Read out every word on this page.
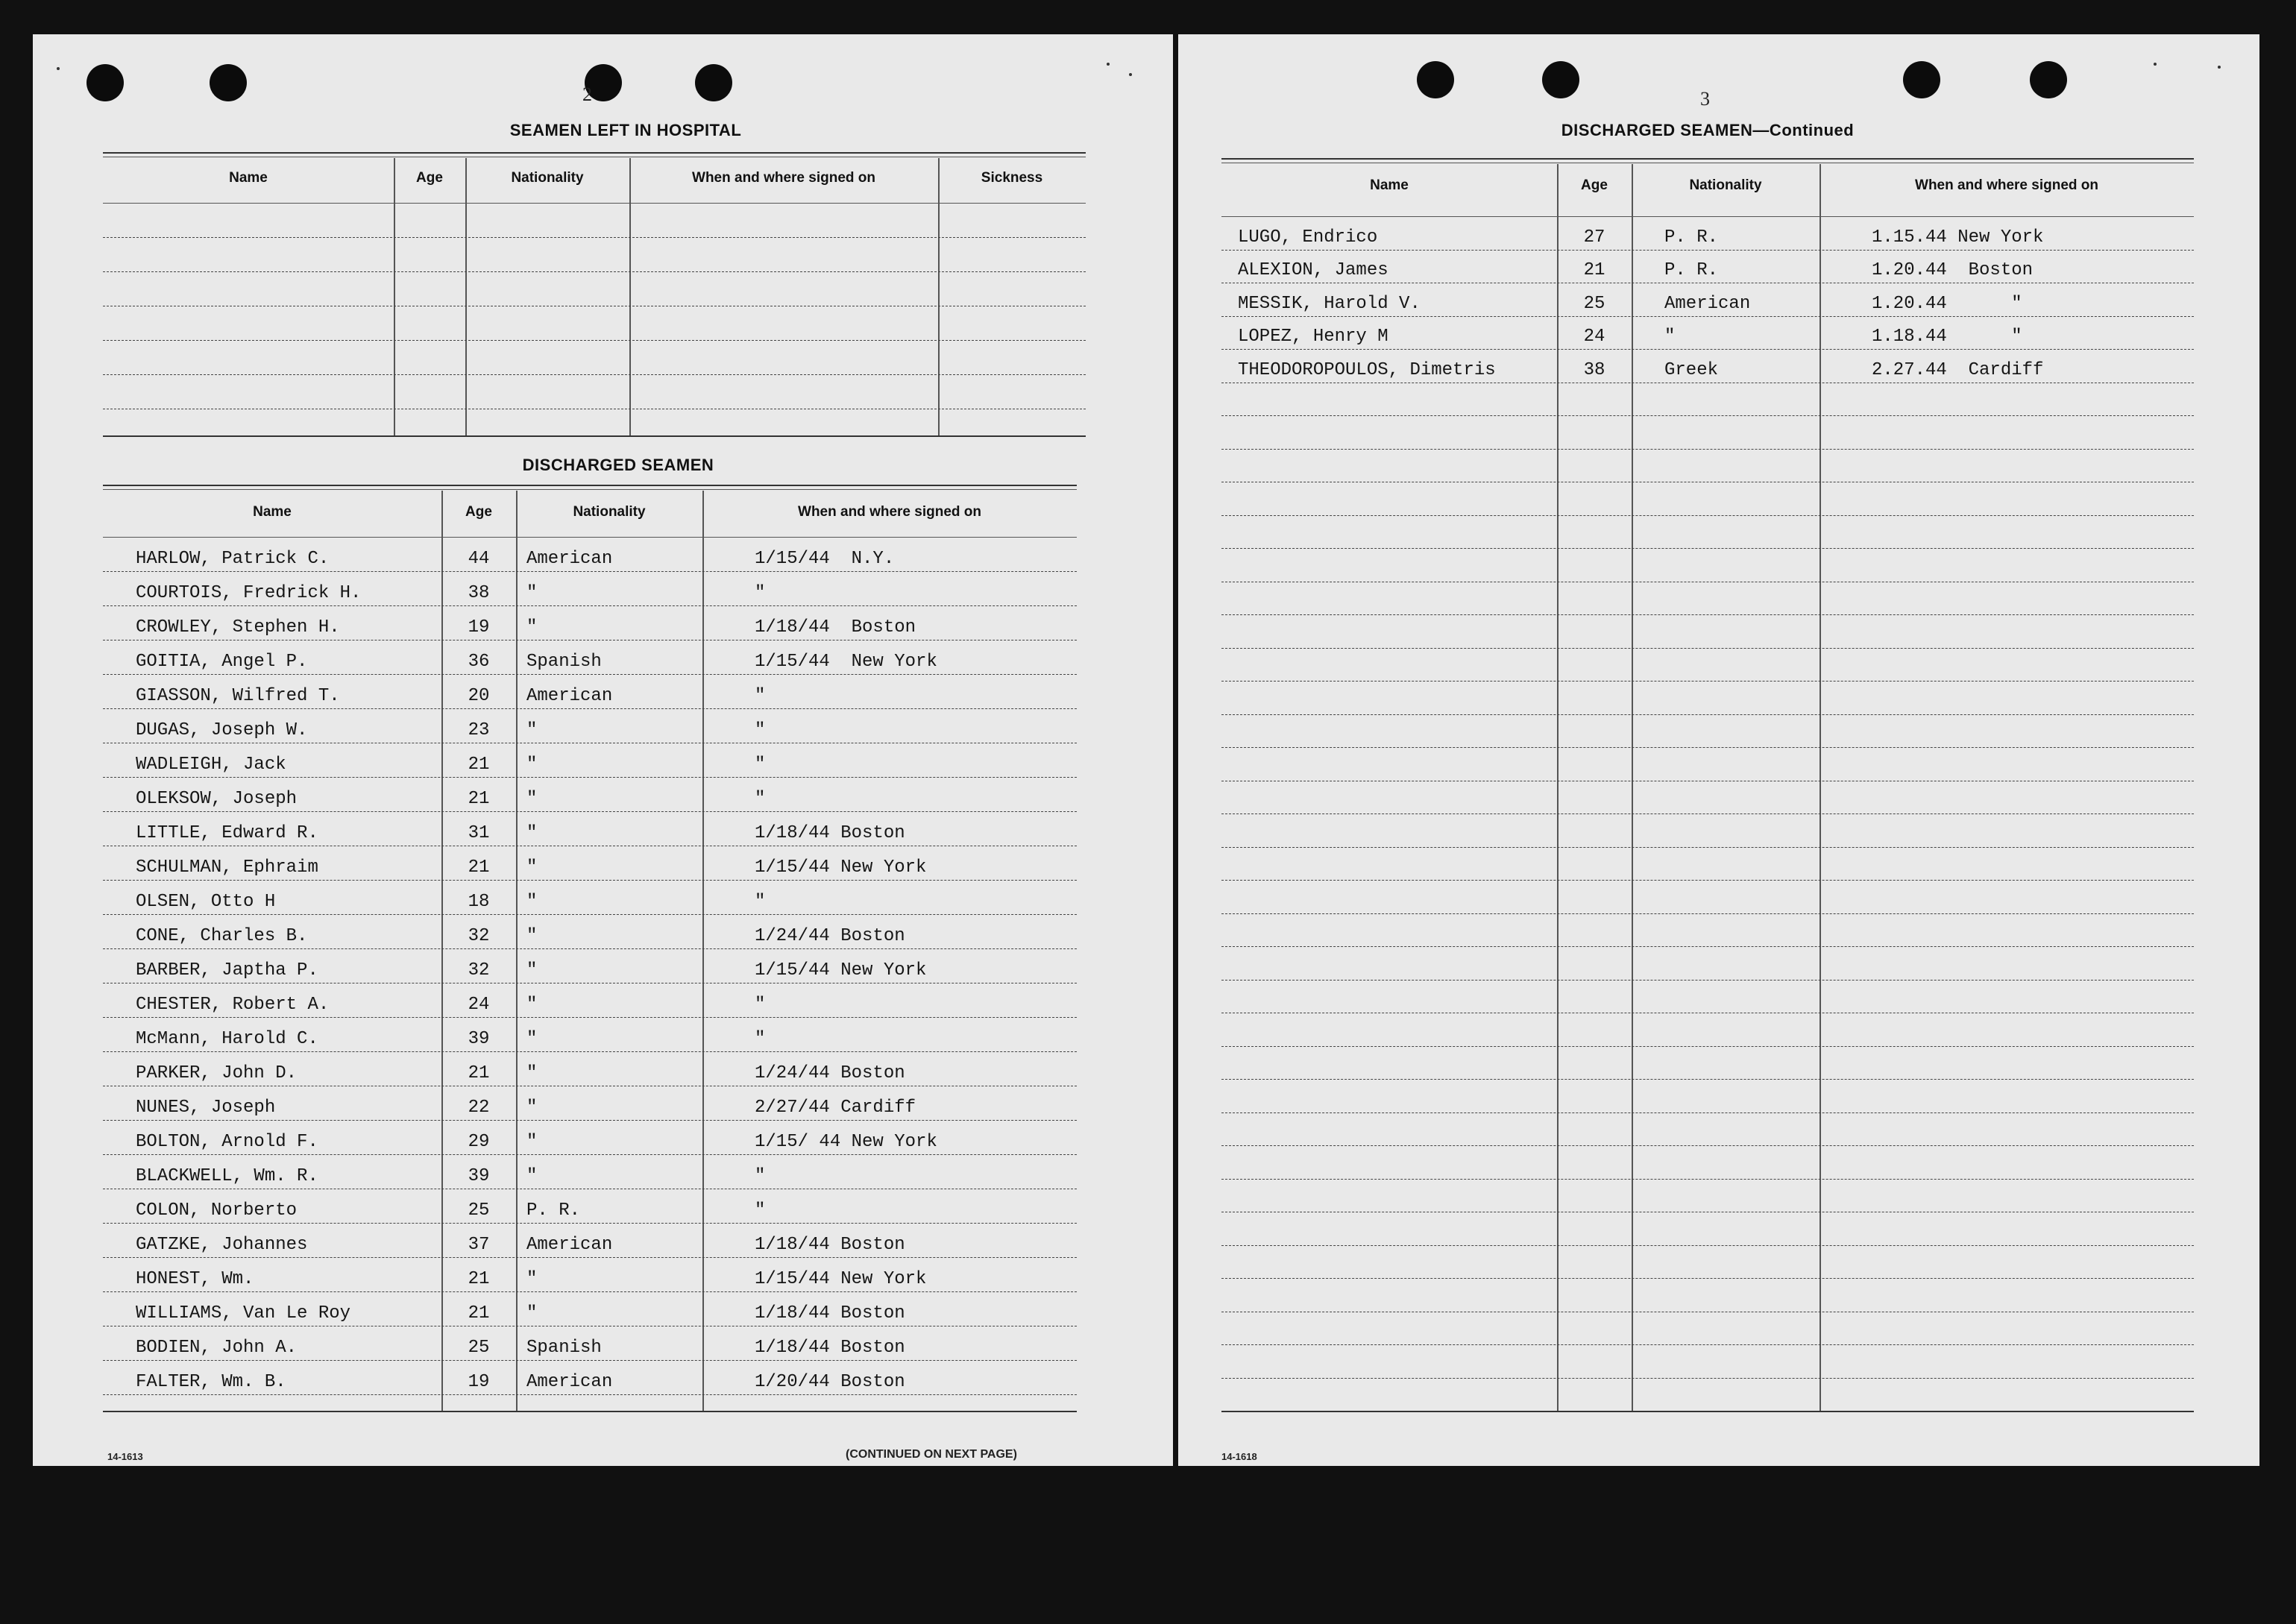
2
SEAMEN LEFT IN HOSPITAL
Name	Age	Nationality	When and where signed on	Sickness
DISCHARGED SEAMEN
Name	Age	Nationality	When and where signed on
HARLOW, Patrick C.	44	American	1/15/44  N.Y.
COURTOIS, Fredrick H.	38	"	"
CROWLEY, Stephen H.	19	"	1/18/44  Boston
GOITIA, Angel P.	36	Spanish	1/15/44  New York
GIASSON, Wilfred T.	20	American	"
DUGAS, Joseph W.	23	"	"
WADLEIGH, Jack	21	"	"
OLEKSOW, Joseph	21	"	"
LITTLE, Edward R.	31	"	1/18/44 Boston
SCHULMAN, Ephraim	21	"	1/15/44 New York
OLSEN, Otto H	18	"	"
CONE, Charles B.	32	"	1/24/44 Boston
BARBER, Japtha P.	32	"	1/15/44 New York
CHESTER, Robert A.	24	"	"
McMann, Harold C.	39	"	"
PARKER, John D.	21	"	1/24/44 Boston
NUNES, Joseph	22	"	2/27/44 Cardiff
BOLTON, Arnold F.	29	"	1/15/ 44 New York
BLACKWELL, Wm. R.	39	"	"
COLON, Norberto	25	P. R.	"
GATZKE, Johannes	37	American	1/18/44 Boston
HONEST, Wm.	21	"	1/15/44 New York
WILLIAMS, Van Le Roy	21	"	1/18/44 Boston
BODIEN, John A.	25	Spanish	1/18/44 Boston
FALTER, Wm. B.	19	American	1/20/44 Boston
14-1613	(CONTINUED ON NEXT PAGE)
3
DISCHARGED SEAMEN—Continued
Name	Age	Nationality	When and where signed on
LUGO, Endrico	27	P. R.	1.15.44 New York
ALEXION, James	21	P. R.	1.20.44  Boston
MESSIK, Harold V.	25	American	1.20.44      "
LOPEZ, Henry M	24	"	1.18.44      "
THEODOROPOULOS, Dimetris	38	Greek	2.27.44  Cardiff
14-1618
